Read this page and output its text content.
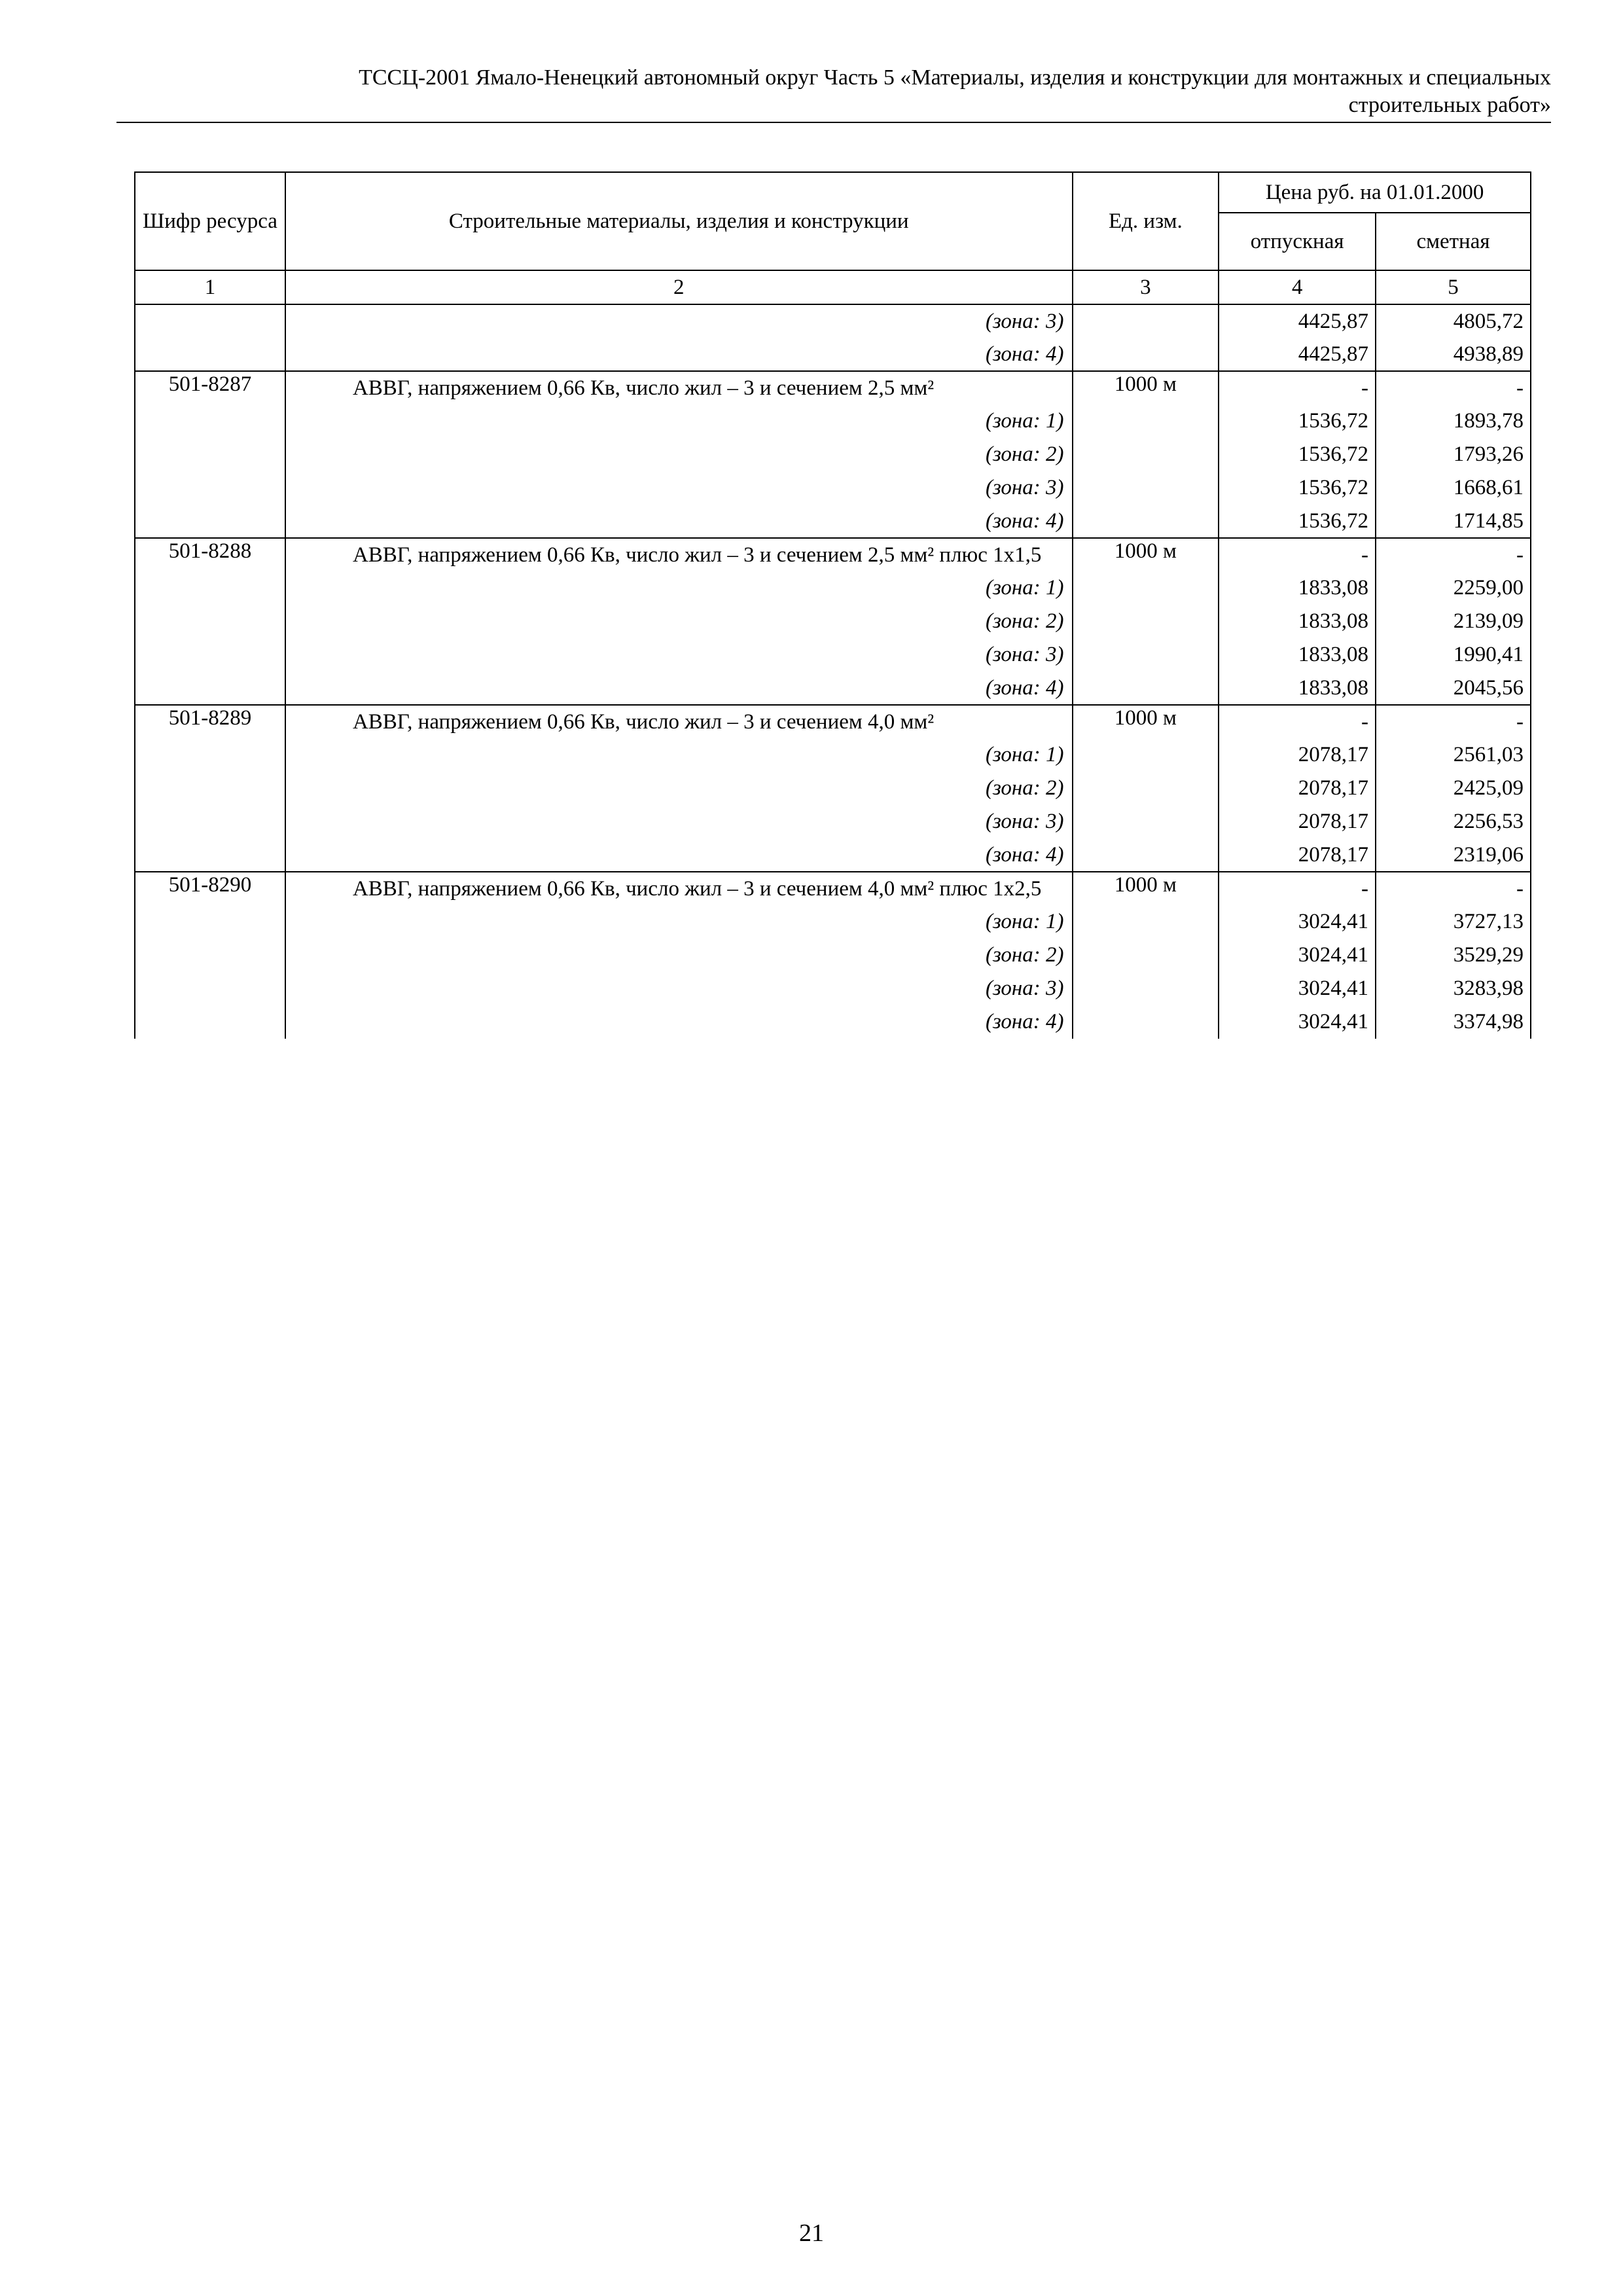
ТССЦ-2001 Ямало-Ненецкий автономный округ Часть 5 «Материалы, изделия и конструкции для монтажных и специальных
строительных работ»
Шифр ресурса	Строительные материалы, изделия и конструкции	Ед. изм.	Цена руб. на 01.01.2000	
			отпускная	сметная
1	2	3	4	5
	(зона: 3)		4425,87	4805,72
	(зона: 4)		4425,87	4938,89
501-8287	АВВГ, напряжением 0,66 Кв, число жил – 3 и сечением 2,5 мм²	1000 м	-	-
	(зона: 1)		1536,72	1893,78
	(зона: 2)		1536,72	1793,26
	(зона: 3)		1536,72	1668,61
	(зона: 4)		1536,72	1714,85
501-8288	АВВГ, напряжением 0,66 Кв, число жил – 3 и сечением 2,5 мм² плюс 1х1,5	1000 м	-	-
	(зона: 1)		1833,08	2259,00
	(зона: 2)		1833,08	2139,09
	(зона: 3)		1833,08	1990,41
	(зона: 4)		1833,08	2045,56
501-8289	АВВГ, напряжением 0,66 Кв, число жил – 3 и сечением 4,0 мм²	1000 м	-	-
	(зона: 1)		2078,17	2561,03
	(зона: 2)		2078,17	2425,09
	(зона: 3)		2078,17	2256,53
	(зона: 4)		2078,17	2319,06
501-8290	АВВГ, напряжением 0,66 Кв, число жил – 3 и сечением 4,0 мм² плюс 1х2,5	1000 м	-	-
	(зона: 1)		3024,41	3727,13
	(зона: 2)		3024,41	3529,29
	(зона: 3)		3024,41	3283,98
	(зона: 4)		3024,41	3374,98
21
